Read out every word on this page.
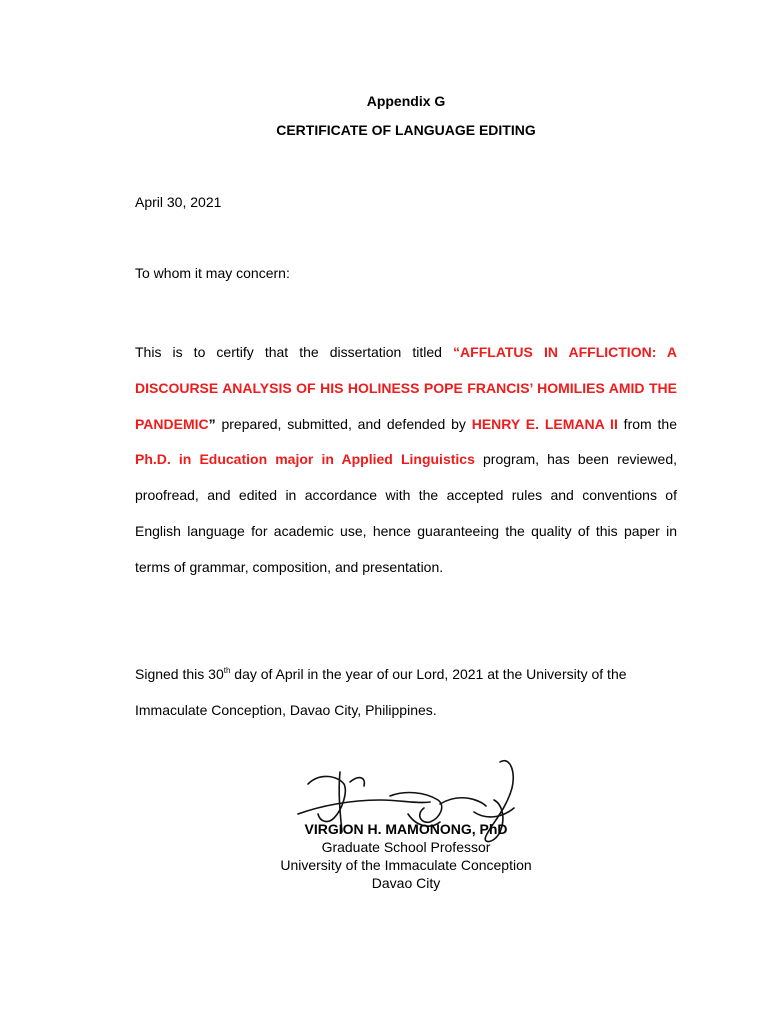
Appendix G

CERTIFICATE OF LANGUAGE EDITING

April 30, 2021

To whom it may concern:

This is to certify that the dissertation titled “AFFLATUS IN AFFLICTION: A DISCOURSE ANALYSIS OF HIS HOLINESS POPE FRANCIS’ HOMILIES AMID THE PANDEMIC” prepared, submitted, and defended by HENRY E. LEMANA II from the Ph.D. in Education major in Applied Linguistics program, has been reviewed, proofread, and edited in accordance with the accepted rules and conventions of English language for academic use, hence guaranteeing the quality of this paper in terms of grammar, composition, and presentation.

Signed this 30th day of April in the year of our Lord, 2021 at the University of the Immaculate Conception, Davao City, Philippines.

VIRGION H. MAMONONG, PhD
Graduate School Professor
University of the Immaculate Conception
Davao City
